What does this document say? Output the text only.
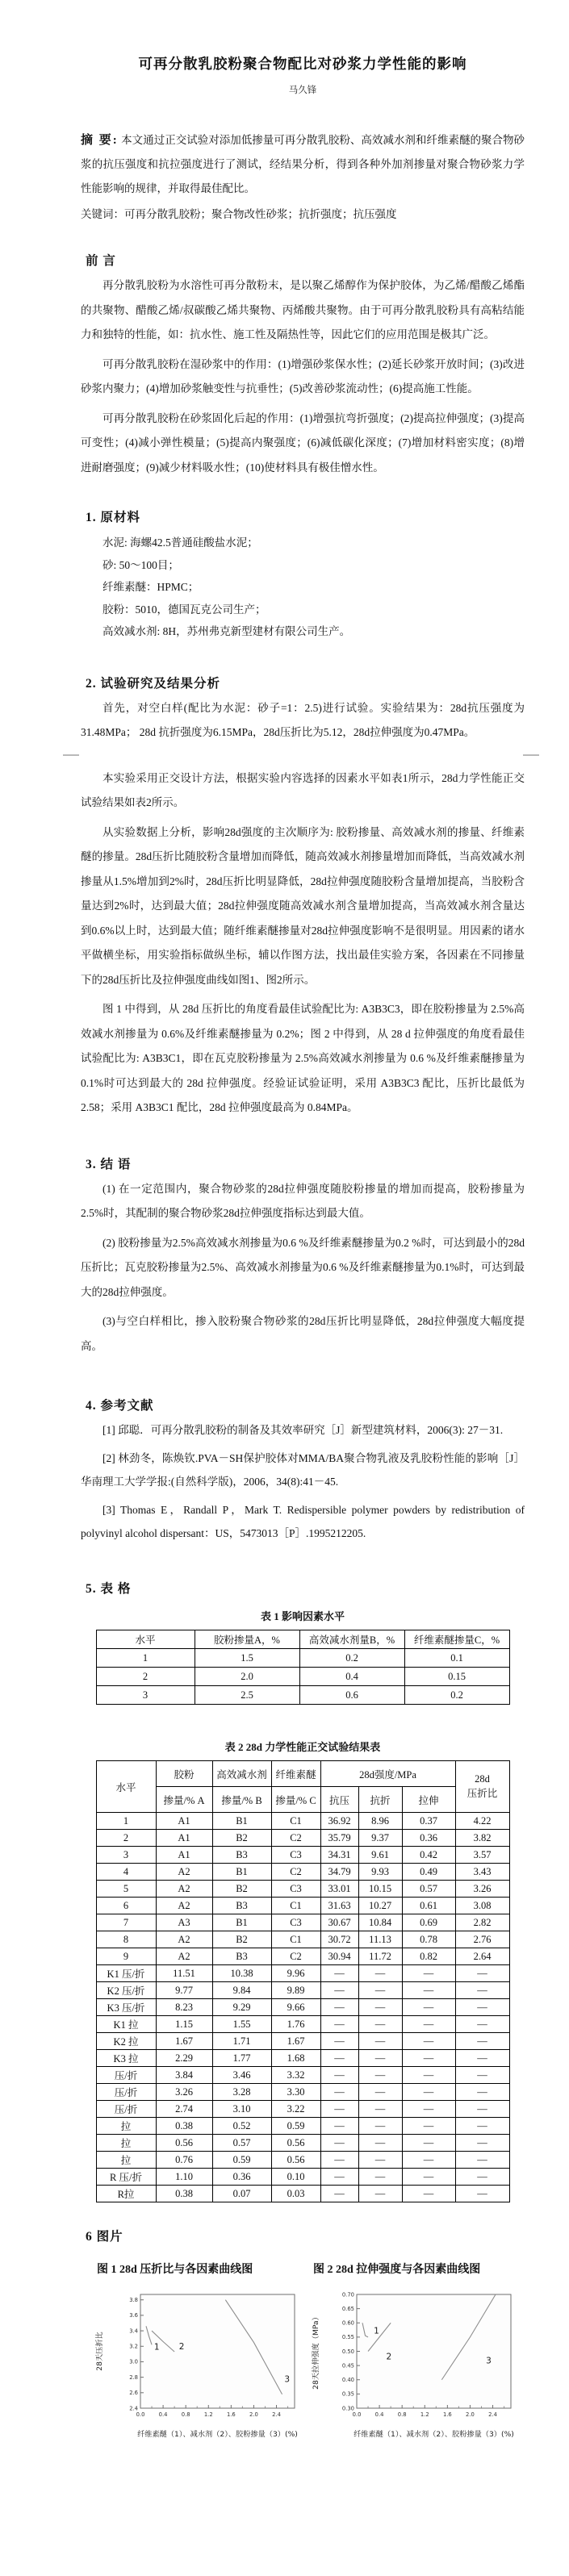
可再分散乳胶粉聚合物配比对砂浆力学性能的影响
马久锋
摘 要: 本文通过正交试验对添加低掺量可再分散乳胶粉、高效减水剂和纤维素醚的聚合物砂浆的抗压强度和抗拉强度进行了测试，经结果分析，得到各种外加剂掺量对聚合物砂浆力学性能影响的规律，并取得最佳配比。
关键词：可再分散乳胶粉；聚合物改性砂浆；抗折强度；抗压强度
前 言
再分散乳胶粉为水溶性可再分散粉末，是以聚乙烯醇作为保护胶体，为乙烯/醋酸乙烯酯的共聚物、醋酸乙烯/叔碳酸乙烯共聚物、丙烯酸共聚物。由于可再分散乳胶粉具有高粘结能力和独特的性能，如：抗水性、施工性及隔热性等，因此它们的应用范围是极其广泛。
可再分散乳胶粉在湿砂浆中的作用：(1)增强砂浆保水性；(2)延长砂浆开放时间；(3)改进砂浆内聚力；(4)增加砂浆触变性与抗垂性；(5)改善砂浆流动性；(6)提高施工性能。
可再分散乳胶粉在砂浆固化后起的作用：(1)增强抗弯折强度；(2)提高拉伸强度；(3)提高可变性；(4)减小弹性模量；(5)提高内聚强度；(6)减低碳化深度；(7)增加材料密实度；(8)增进耐磨强度；(9)减少材料吸水性；(10)使材料具有极佳憎水性。
1. 原材料
水泥: 海螺42.5普通硅酸盐水泥；
砂: 50～100目；
纤维素醚：HPMC；
胶粉：5010，德国瓦克公司生产；
高效减水剂: 8H，苏州弗克新型建材有限公司生产。
2. 试验研究及结果分析
首先，对空白样(配比为水泥：砂子=1：2.5)进行试验。实验结果为：28d抗压强度为31.48MPa； 28d 抗折强度为6.15MPa，28d压折比为5.12，28d拉伸强度为0.47MPa。
本实验采用正交设计方法，根据实验内容选择的因素水平如表1所示，28d力学性能正交试验结果如表2所示。
从实验数据上分析，影响28d强度的主次顺序为: 胶粉掺量、高效减水剂的掺量、纤维素醚的掺量。28d压折比随胶粉含量增加而降低，随高效减水剂掺量增加而降低，当高效减水剂掺量从1.5%增加到2%时，28d压折比明显降低，28d拉伸强度随胶粉含量增加提高，当胶粉含量达到2%时，达到最大值；28d拉伸强度随高效减水剂含量增加提高，当高效减水剂含量达到0.6%以上时，达到最大值；随纤维素醚掺量对28d拉伸强度影响不是很明显。用因素的诸水平做横坐标，用实验指标做纵坐标，辅以作图方法，找出最佳实验方案，各因素在不同掺量下的28d压折比及拉伸强度曲线如图1、图2所示。
图 1 中得到，从 28d 压折比的角度看最佳试验配比为: A3B3C3，即在胶粉掺量为 2.5%高效减水剂掺量为 0.6%及纤维素醚掺量为 0.2%；图 2 中得到，从 28 d 拉伸强度的角度看最佳试验配比为: A3B3C1，即在瓦克胶粉掺量为 2.5%高效减水剂掺量为 0.6 %及纤维素醚掺量为 0.1%时可达到最大的 28d 拉伸强度。经验证试验证明，采用 A3B3C3 配比，压折比最低为 2.58；采用 A3B3C1 配比，28d 拉伸强度最高为 0.84MPa。
3. 结 语
(1) 在一定范围内，聚合物砂浆的28d拉伸强度随胶粉掺量的增加而提高，胶粉掺量为2.5%时，其配制的聚合物砂浆28d拉伸强度指标达到最大值。
(2) 胶粉掺量为2.5%高效减水剂掺量为0.6 %及纤维素醚掺量为0.2 %时，可达到最小的28d压折比；瓦克胶粉掺量为2.5%、高效减水剂掺量为0.6 %及纤维素醚掺量为0.1%时，可达到最大的28d拉伸强度。
(3)与空白样相比，掺入胶粉聚合物砂浆的28d压折比明显降低，28d拉伸强度大幅度提高。
4. 参考文献
[1] 邱聪．可再分散乳胶粉的制备及其效率研究［J］新型建筑材料，2006(3): 27－31.
[2] 林劲冬，陈焕钦.PVA－SH保护胶体对MMA/BA聚合物乳液及乳胶粉性能的影响［J］华南理工大学学报:(自然科学版)，2006，34(8):41－45.
[3] Thomas E，Randall P，Mark T. Redispersible polymer powders by redistribution of polyvinyl alcohol dispersant：US，5473013［P］.1995212205.
5. 表 格
表 1 影响因素水平
水平	胶粉掺量A，%	高效减水剂量B，%	纤维素醚掺量C，%
1	1.5	0.2	0.1
2	2.0	0.4	0.15
3	2.5	0.6	0.2
表 2 28d 力学性能正交试验结果表
水平	胶粉	高效减水剂	纤维素醚	28d强度/MPa			28d
压折比
	掺量/% A	掺量/% B	掺量/% C	抗压	抗折	拉伸	
1	A1	B1	C1	36.92	8.96	0.37	4.22
2	A1	B2	C2	35.79	9.37	0.36	3.82
3	A1	B3	C3	34.31	9.61	0.42	3.57
4	A2	B1	C2	34.79	9.93	0.49	3.43
5	A2	B2	C3	33.01	10.15	0.57	3.26
6	A2	B3	C1	31.63	10.27	0.61	3.08
7	A3	B1	C3	30.67	10.84	0.69	2.82
8	A2	B2	C1	30.72	11.13	0.78	2.76
9	A2	B3	C2	30.94	11.72	0.82	2.64
K1 压/折	11.51	10.38	9.96	—	—	—	—
K2 压/折	9.77	9.84	9.89	—	—	—	—
K3 压/折	8.23	9.29	9.66	—	—	—	—
K1 拉	1.15	1.55	1.76	—	—	—	—
K2 拉	1.67	1.71	1.67	—	—	—	—
K3 拉	2.29	1.77	1.68	—	—	—	—
压/折	3.84	3.46	3.32	—	—	—	—
压/折	3.26	3.28	3.30	—	—	—	—
压/折	2.74	3.10	3.22	—	—	—	—
拉	0.38	0.52	0.59	—	—	—	—
拉	0.56	0.57	0.56	—	—	—	—
拉	0.76	0.59	0.56	—	—	—	—
R 压/折	1.10	0.36	0.10	—	—	—	—
R拉	0.38	0.07	0.03	—	—	—	—
6 图片
图 1 28d 压折比与各因素曲线图
0.0	0.4	0.8	1.2	1.6	2.0	2.4
2.4
2.6
2.8
3.0
3.2
3.4
3.6
3.8
1 2
3
纤维素醚（1）、减水剂（2）、胶粉掺量（3）(%)
28天压折比
图 2 28d 拉伸强度与各因素曲线图
0.0	0.4	0.8	1.2	1.6	2.0	2.4
0.30
0.35
0.40
0.45
0.50
0.55
0.60
0.65
0.70
1
2	3
纤维素醚（1）、减水剂（2）、胶粉掺量（3）(%)
28天拉伸强度（MPa）
